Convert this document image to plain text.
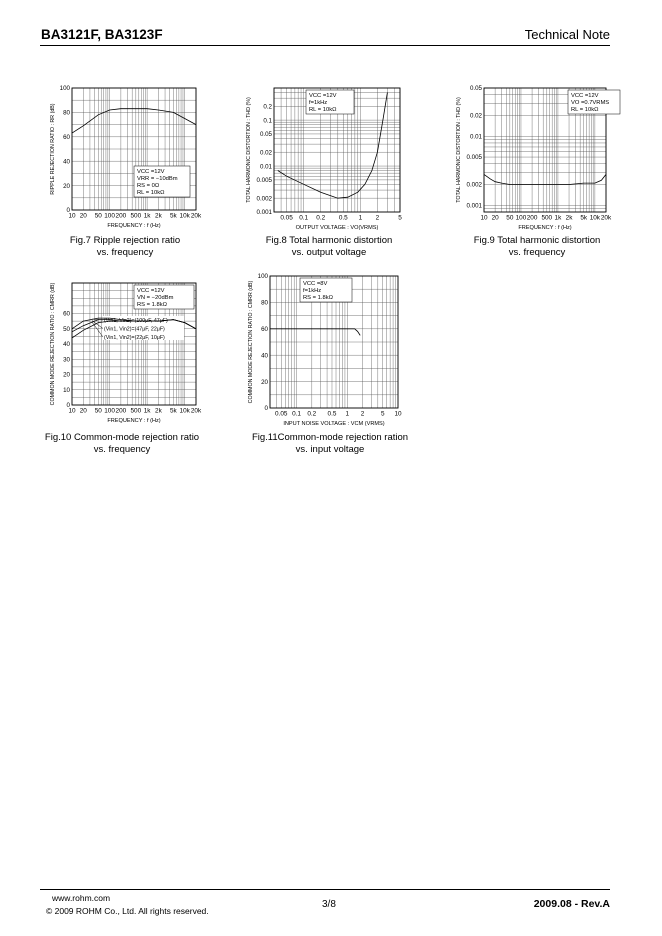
BA3121F, BA3123F	Technical Note
10 20 50 100 200 500 1k 2k 5k 10k 20k
0
20
40
60
80
100
FREQUENCY : f (Hz)
RIPPLE REJECTION RATIO : RR (dB)	VCC =12V
VRR = −10dBm
RS = 0Ω
RL = 10kΩ
0.05 0.1 0.2 0.5 1 2	5
0.001
0.002
0.005
0.01
0.02
0.05
0.1
0.2
OUTPUT VOLTAGE : VO(VRMS)
TOTAL HARMONIC DISTORTION : THD (%)
VCC =12V
f=1kHz
RL = 10kΩ
10 20 50 100 200 500 1k 2k 5k 10k 20k
0.001
0.002
0.005
0.01
0.02
0.05
FREQUENCY : f (Hz)
TOTAL HARMONIC DISTORTION : THD (%)
VCC =12V
VO =0.7VRMS
RL = 10kΩ
10 20 50 100 200 500 1k 2k 5k 10k 20k
0
10
20
30
40
50
60
FREQUENCY : f (Hz)
COMMON MODE REJECTION RATIO : CMRR (dB)	VCC =12V
VN = −20dBm
RS = 1.8kΩ
(Vin1, Vin2)=(100μF, 47μF)
(Vin1, Vin2)=(47μF, 22μF)
(Vin1, Vin2)=(22μF, 10μF)
0.05 0.1 0.2 0.5 1 2	5 10
0
20
40
60
80
100
INPUT NOISE VOLTAGE : VCM (VRMS)
COMMON MODE REJECTION RATIO : CMRR (dB)	VCC =8V
f=1kHz
RS = 1.8kΩ
Fig.7 Ripple rejection ratio
vs. frequency
Fig.8 Total harmonic distortion
vs. output voltage
Fig.9 Total harmonic distortion
vs. frequency
Fig.10 Common-mode rejection ratio
vs. frequency
Fig.11Common-mode rejection ration
vs. input voltage
www.rohm.com
© 2009 ROHM Co., Ltd. All rights reserved.
3/8	2009.08 - Rev.A
